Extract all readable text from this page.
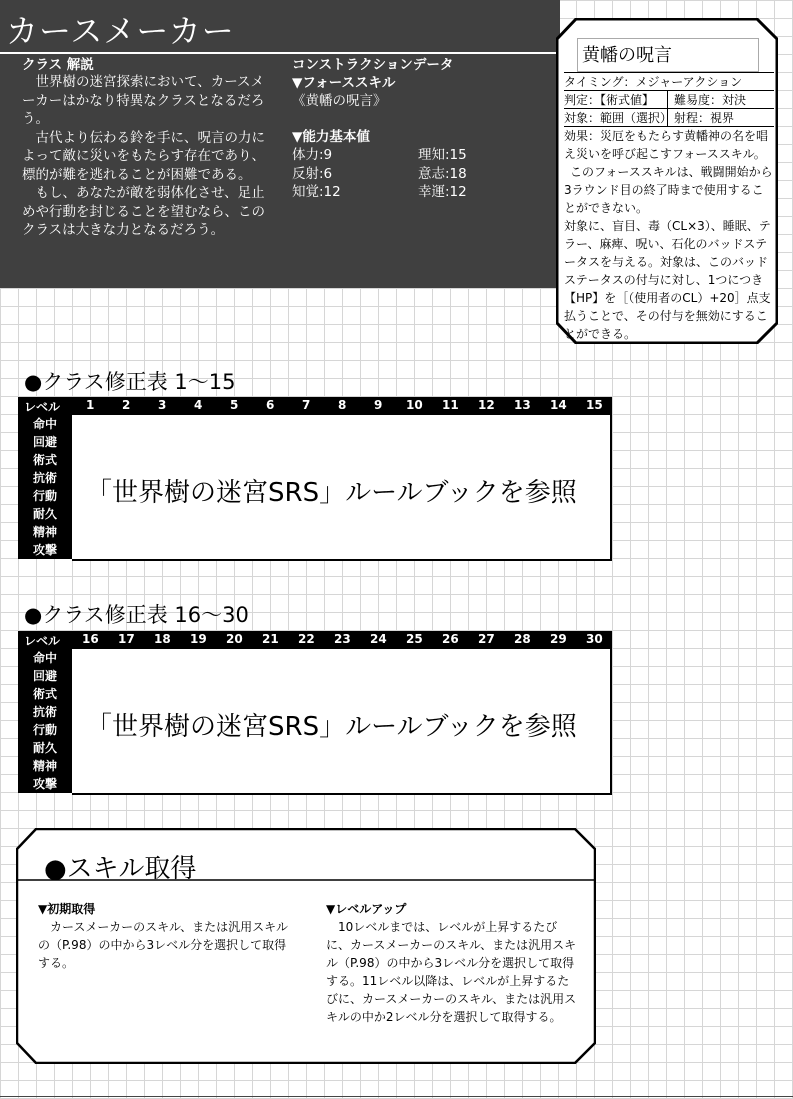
カースメーカー
クラス 解説

世界樹の迷宮探索において、カースメーカーはかなり特異なクラスとなるだろう。

古代より伝わる鈴を手に、呪言の力によって敵に災いをもたらす存在であり、標的が難を逃れることが困難である。

もし、あなたが敵を弱体化させ、足止めや行動を封じることを望むなら、このクラスは大きな力となるだろう。

コンストラクションデータ
▼フォーススキル
《黄幡の呪言》
▼能力基本値
体力:9	理知:15
反射:6	意志:18
知覚:12	幸運:12
黄幡の呪言
タイミング：メジャーアクション
判定：【術式値】	難易度：対決
対象：範囲（選択） 射程：視界

効果：災厄をもたらす黄幡神の名を唱え災いを呼び起こすフォーススキル。

このフォーススキルは、戦闘開始から3ラウンド目の終了時まで使用することができない。

対象に、盲目、毒（CL×3）、睡眠、テラー、麻痺、呪い、石化のバッドステータスを与える。対象は、このバッドステータスの付与に対し、1つにつき【HP】を［（使用者のCL）+20］点支払うことで、その付与を無効にすることができる。

●クラス修正表 1〜15
レベル 1 2 3 4 5 6 7 8 9 10 11 12 13 14 15
命中
回避
術式
抗術
行動
耐久
精神
攻撃
「世界樹の迷宮SRS」ルールブックを参照
●クラス修正表 16〜30
レベル 16 17 18 19 20 21 22 23 24 25 26 27 28 29 30
命中
回避
術式
抗術
行動
耐久
精神
攻撃
「世界樹の迷宮SRS」ルールブックを参照
●スキル取得
▼初期取得

カースメーカーのスキル、または汎用スキルの（P.98）の中から3レベル分を選択して取得する。

▼レベルアップ

10レベルまでは、レベルが上昇するたびに、カースメーカーのスキル、または汎用スキル（P.98）の中から3レベル分を選択して取得する。11レベル以降は、レベルが上昇するたびに、カースメーカーのスキル、または汎用スキルの中か2レベル分を選択して取得する。
